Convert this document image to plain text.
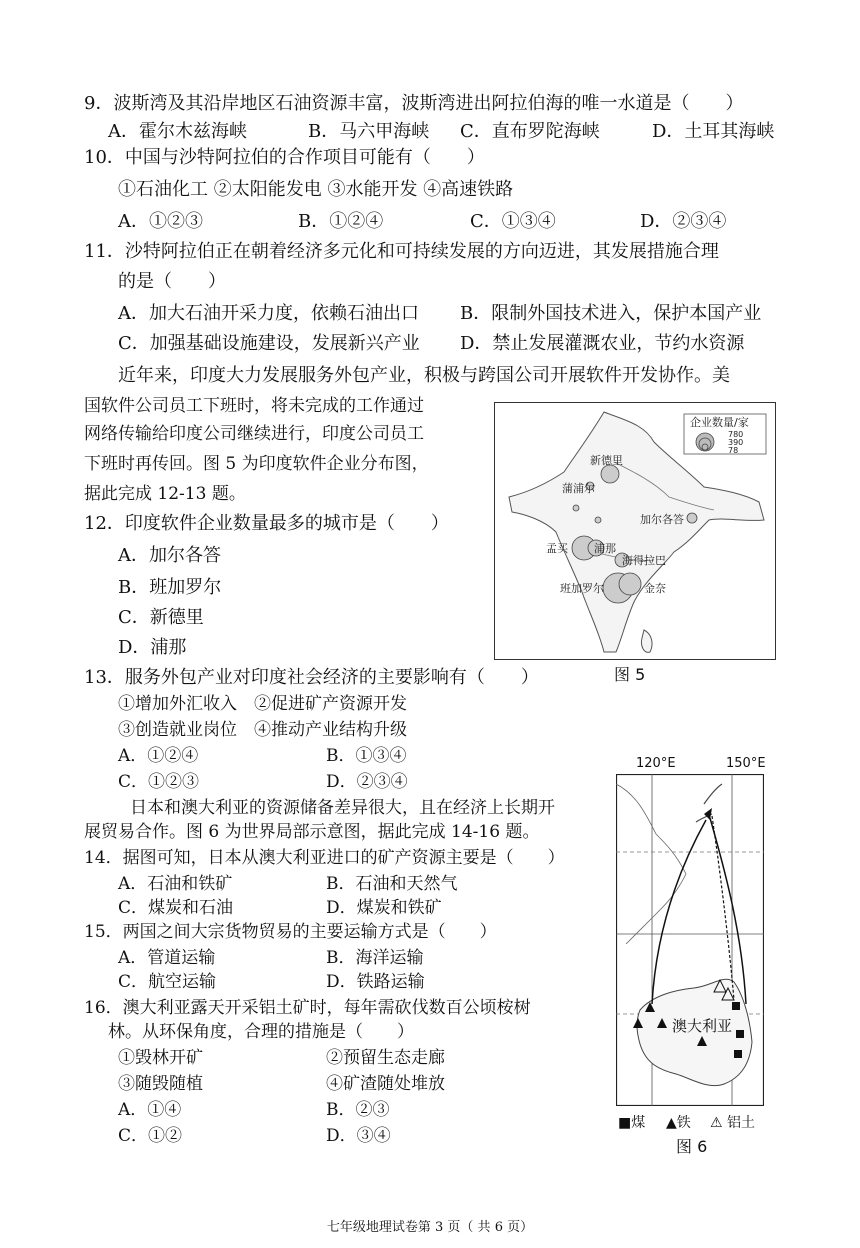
9．波斯湾及其沿岸地区石油资源丰富，波斯湾进出阿拉伯海的唯一水道是（　　）
A．霍尔木兹海峡	B．马六甲海峡 C．直布罗陀海峡	D．土耳其海峡
10．中国与沙特阿拉伯的合作项目可能有（　　）
①石油化工 ②太阳能发电 ③水能开发 ④高速铁路
A．①②③	B．①②④	C．①③④	D．②③④
11．沙特阿拉伯正在朝着经济多元化和可持续发展的方向迈进，其发展措施合理
的是（　　）
A．加大石油开采力度，依赖石油出口 B．限制外国技术进入，保护本国产业
C．加强基础设施建设，发展新兴产业 D．禁止发展灌溉农业，节约水资源
近年来，印度大力发展服务外包产业，积极与跨国公司开展软件开发协作。美
国软件公司员工下班时，将未完成的工作通过
网络传输给印度公司继续进行，印度公司员工
下班时再传回。图 5 为印度软件企业分布图，
据此完成 12-13 题。
12．印度软件企业数量最多的城市是（　　）
A．加尔各答
B．班加罗尔
C．新德里
D．浦那
企业数量/家
780
390
78
新德里
蒲浦尔
加尔各答
孟买 浦那
海得拉巴
班加罗尔	金奈
图 5
13．服务外包产业对印度社会经济的主要影响有（　　）
①增加外汇收入　②促进矿产资源开发
③创造就业岗位　④推动产业结构升级
A．①②④	B．①③④
C．①②③	D．②③④
日本和澳大利亚的资源储备差异很大，且在经济上长期开
展贸易合作。图 6 为世界局部示意图，据此完成 14-16 题。
14．据图可知，日本从澳大利亚进口的矿产资源主要是（　　）
A．石油和铁矿	B．石油和天然气
C．煤炭和石油	D．煤炭和铁矿
15．两国之间大宗货物贸易的主要运输方式是（　　）
A．管道运输	B．海洋运输
C．航空运输	D．铁路运输
16．澳大利亚露天开采铝土矿时，每年需砍伐数百公顷桉树
林。从环保角度，合理的措施是（　　）
①毁林开矿	②预留生态走廊
③随毁随植	④矿渣随处堆放
A．①④	B．②③
C．①②	D．③④
120°E	150°E
澳大利亚
■煤 ▲铁 ⚠ 铝土
图 6
七年级地理试卷第 3 页（ 共 6 页）
